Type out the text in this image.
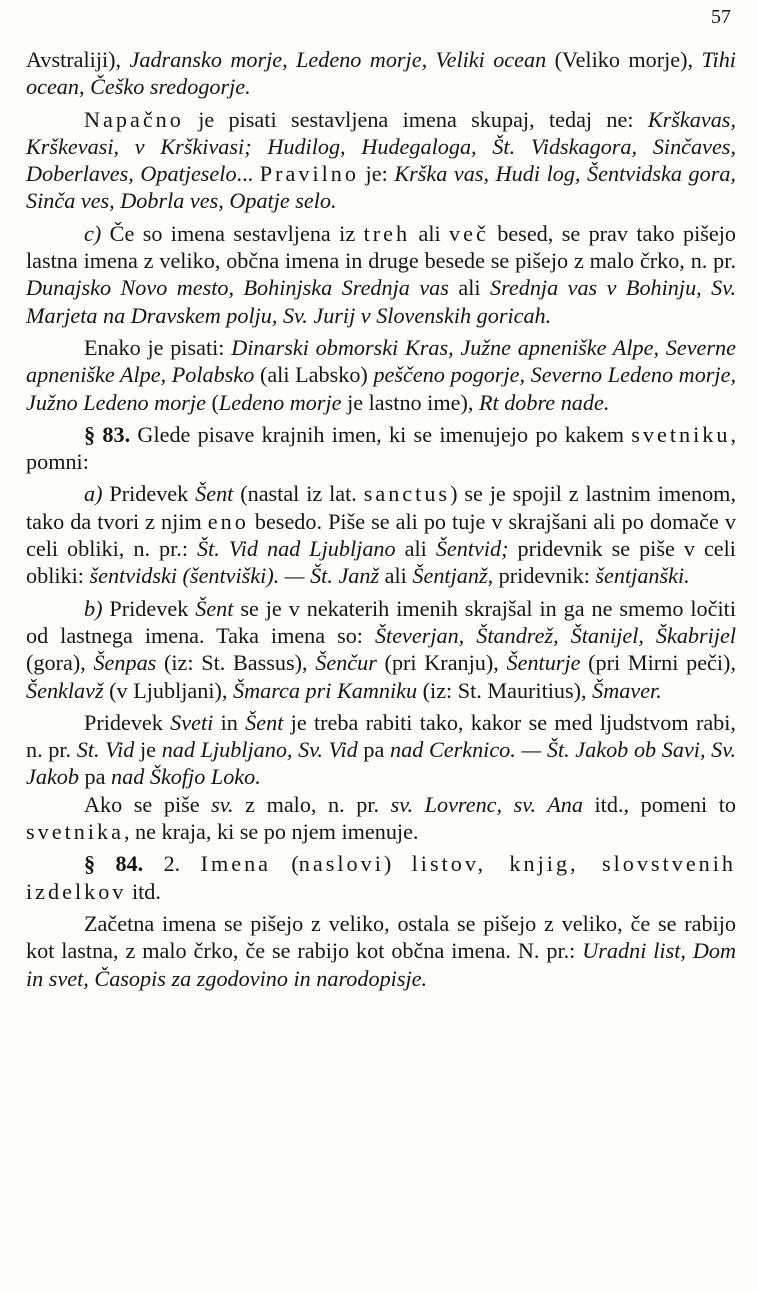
57

Avstraliji), Jadransko morje, Ledeno morje, Veliki ocean (Veliko morje), Tihi ocean, Češko sredogorje.

Napačno je pisati sestavljena imena skupaj, tedaj ne: Krškavas, Krškevasi, v Krškivasi; Hudilog, Hudegaloga, Št. Vidskagora, Sinčaves, Doberlaves, Opatjeselo... Pravilno je: Krška vas, Hudi log, Šentvidska gora, Sinča ves, Dobrla ves, Opatje selo.

c) Če so imena sestavljena iz treh ali več besed, se prav tako pišejo lastna imena z veliko, občna imena in druge besede se pišejo z malo črko, n. pr. Dunajsko Novo mesto, Bohinjska Srednja vas ali Srednja vas v Bohinju, Sv. Marjeta na Dravskem polju, Sv. Jurij v Slovenskih goricah.

Enako je pisati: Dinarski obmorski Kras, Južne apneniške Alpe, Severne apneniške Alpe, Polabsko (ali Labsko) peščeno pogorje, Severno Ledeno morje, Južno Ledeno morje (Ledeno morje je lastno ime), Rt dobre nade.

§ 83. Glede pisave krajnih imen, ki se imenujejo po kakem svetniku, pomni:

a) Pridevek Šent (nastal iz lat. sanctus) se je spojil z lastnim imenom, tako da tvori z njim eno besedo. Piše se ali po tuje v skrajšani ali po domače v celi obliki, n. pr.: Št. Vid nad Ljubljano ali Šentvid; pridevnik se piše v celi obliki: šentvidski (šentviški). — Št. Janž ali Šentjanž, pridevnik: šentjanški.

b) Pridevek Šent se je v nekaterih imenih skrajšal in ga ne smemo ločiti od lastnega imena. Taka imena so: Števerjan, Štandrež, Štanijel, Škabrijel (gora), Šenpas (iz: St. Bassus), Šenčur (pri Kranju), Šenturje (pri Mirni peči), Šenklavž (v Ljubljani), Šmarca pri Kamniku (iz: St. Mauritius), Šmaver.

Pridevek Sveti in Šent je treba rabiti tako, kakor se med ljudstvom rabi, n. pr. St. Vid je nad Ljubljano, Sv. Vid pa nad Cerknico. — Št. Jakob ob Savi, Sv. Jakob pa nad Škofjo Loko.

Ako se piše sv. z malo, n. pr. sv. Lovrenc, sv. Ana itd., pomeni to svetnika, ne kraja, ki se po njem imenuje.

§ 84. 2. Imena (naslovi) listov, knjig, slovstvenih izdelkov itd.

Začetna imena se pišejo z veliko, ostala se pišejo z veliko, če se rabijo kot lastna, z malo črko, če se rabijo kot občna imena. N. pr.: Uradni list, Dom in svet, Časopis za zgodovino in narodopisje.
